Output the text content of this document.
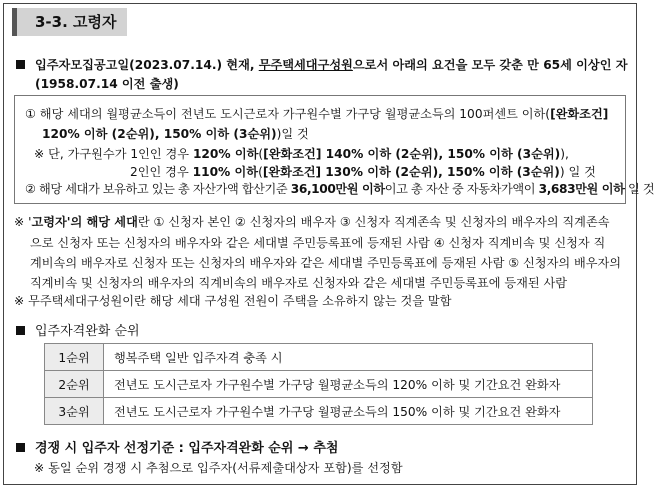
3-3. 고령자
입주자모집공고일(2023.07.14.) 현재, 무주택세대구성원으로서 아래의 요건을 모두 갖춘 만 65세 이상인 자
(1958.07.14 이전 출생)
① 해당 세대의 월평균소득이 전년도 도시근로자 가구원수별 가구당 월평균소득의 100퍼센트 이하([완화조건]
120% 이하 (2순위), 150% 이하 (3순위))일 것
※ 단, 가구원수가 1인인 경우 120% 이하([완화조건] 140% 이하 (2순위), 150% 이하 (3순위)),
2인인 경우 110% 이하([완화조건] 130% 이하 (2순위), 150% 이하 (3순위)) 일 것
② 해당 세대가 보유하고 있는 총 자산가액 합산기준 36,100만원 이하이고 총 자산 중 자동차가액이 3,683만원 이하 일 것
※ '고령자'의 해당 세대란 ① 신청자 본인 ② 신청자의 배우자 ③ 신청자 직계존속 및 신청자의 배우자의 직계존속
으로 신청자 또는 신청자의 배우자와 같은 세대별 주민등록표에 등재된 사람 ④ 신청자 직계비속 및 신청자 직
계비속의 배우자로 신청자 또는 신청자의 배우자와 같은 세대별 주민등록표에 등재된 사람 ⑤ 신청자의 배우자의
직계비속 및 신청자의 배우자의 직계비속의 배우자로 신청자와 같은 세대별 주민등록표에 등재된 사람
※ 무주택세대구성원이란 해당 세대 구성원 전원이 주택을 소유하지 않는 것을 말함
입주자격완화 순위
1순위	행복주택 일반 입주자격 충족 시
2순위	전년도 도시근로자 가구원수별 가구당 월평균소득의 120% 이하 및 기간요건 완화자
3순위	전년도 도시근로자 가구원수별 가구당 월평균소득의 150% 이하 및 기간요건 완화자
경쟁 시 입주자 선정기준 : 입주자격완화 순위 → 추첨
※ 동일 순위 경쟁 시 추첨으로 입주자(서류제출대상자 포함)를 선정함
